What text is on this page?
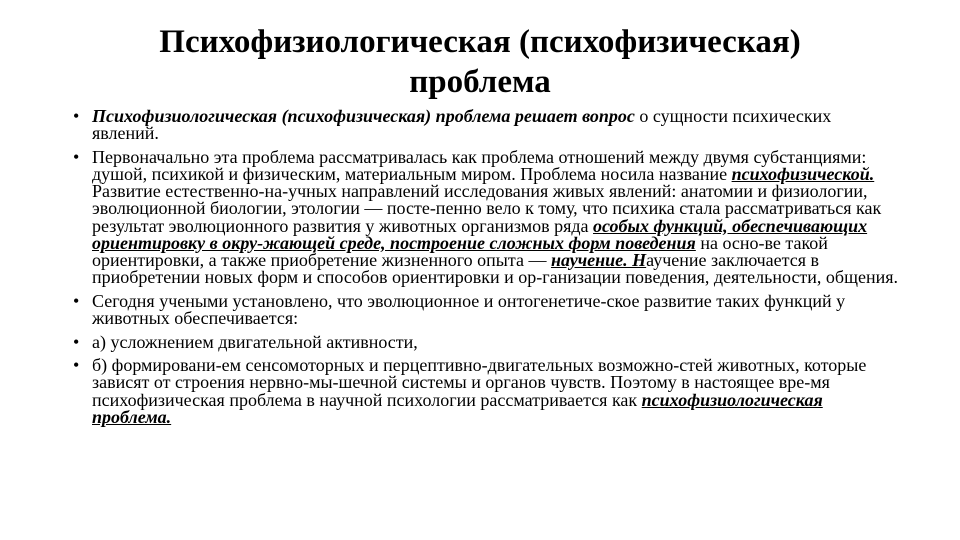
Психофизиологическая (психофизическая)
проблема
• Психофизиологическая (психофизическая) проблема решает вопрос о сущности психических явлений.
• Первоначально эта проблема рассматривалась как проблема отношений между двумя субстанциями: душой, психикой и физическим, материальным миром. Проблема носила название психофизической. Развитие естественно-на-учных направлений исследования живых явлений: анатомии и физиологии, эволюционной биологии, этологии — посте-пенно вело к тому, что психика стала рассматриваться как результат эволюционного развития у животных организмов ряда особых функций, обеспечивающих ориентировку в окру-жающей среде, построение сложных форм поведения на осно-ве такой ориентировки, а также приобретение жизненного опыта — научение. Научение заключается в приобретении новых форм и способов ориентировки и ор-ганизации поведения, деятельности, общения.
• Сегодня учеными установлено, что эволюционное и онтогенетиче-ское развитие таких функций у животных обеспечивается:
• а) усложнением двигательной активности,
• б) формировани-ем сенсомоторных и перцептивно-двигательных возможно-стей животных, которые зависят от строения нервно-мы-шечной системы и органов чувств. Поэтому в настоящее вре-мя психофизическая проблема в научной психологии рассматривается как психофизиологическая проблема.
